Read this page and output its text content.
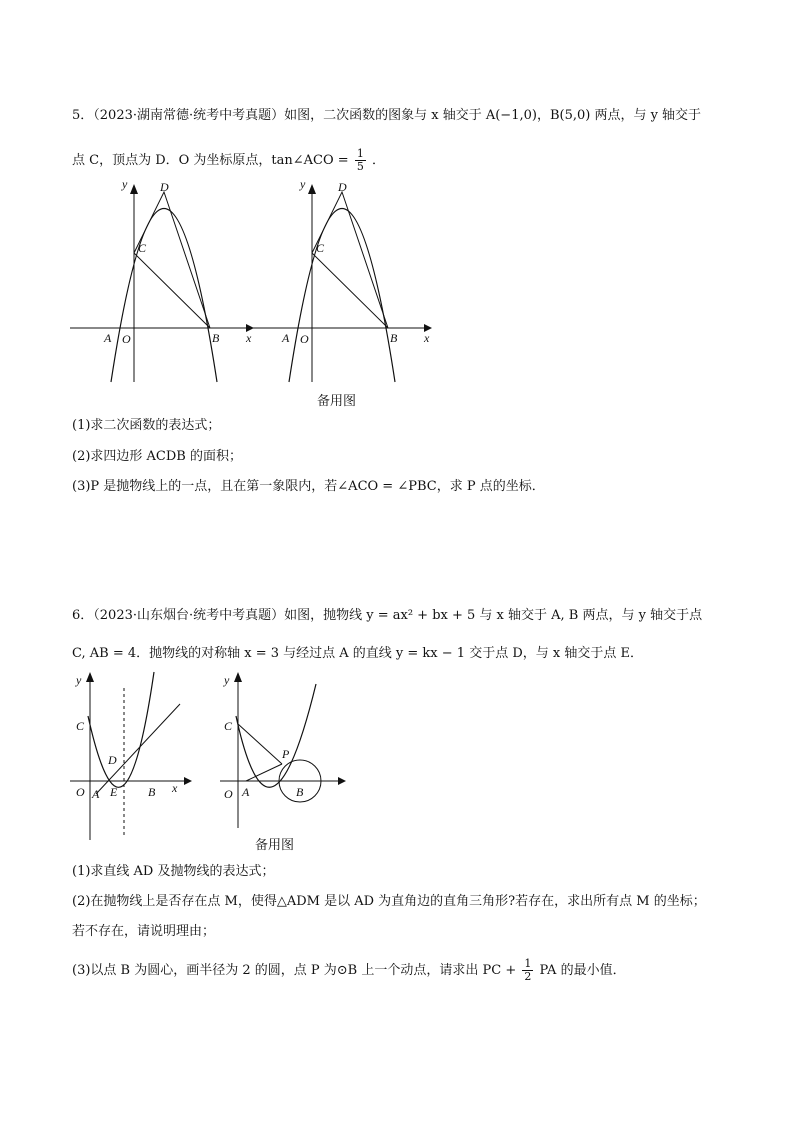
5．（2023·湖南常德·统考中考真题）如图，二次函数的图象与 x 轴交于 A(−1,0)，B(5,0) 两点，与 y 轴交于
点 C，顶点为 D．O 为坐标原点，tan∠ACO = $\frac{1}{5}$ ．
y	D
C
A O	B x
y	D
C
A O	B x
备用图
(1)求二次函数的表达式；
(2)求四边形 ACDB 的面积；
(3)P 是抛物线上的一点，且在第一象限内，若∠ACO = ∠PBC，求 P 点的坐标．
6．（2023·山东烟台·统考中考真题）如图，抛物线 y = ax² + bx + 5 与 x 轴交于 A, B 两点，与 y 轴交于点
C, AB = 4．抛物线的对称轴 x = 3 与经过点 A 的直线 y = kx − 1 交于点 D，与 x 轴交于点 E．
y
C
D
O A E	B x
y
C
P
O A	B
备用图
(1)求直线 AD 及抛物线的表达式；
(2)在抛物线上是否存在点 M，使得△ADM 是以 AD 为直角边的直角三角形?若存在，求出所有点 M 的坐标；
若不存在，请说明理由；
(3)以点 B 为圆心，画半径为 2 的圆，点 P 为⊙B 上一个动点，请求出 PC + $\frac{1}{2}$ PA 的最小值．
